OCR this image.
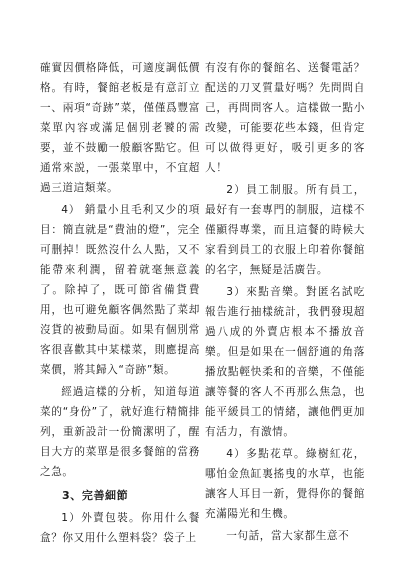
確實因價格降低，可適度調低價格。有時，餐館老板是有意訂立一、兩項“奇跡”菜，僅僅爲豐富菜單內容或滿足個別老饕的需要，並不鼓勵一般顧客點它。但通常來説，一張菜單中，不宜超過三道這類菜。

4） 銷量小且毛利又少的項目：簡直就是“費油的燈”，完全可删掉！既然沒什么人點，又不能帶來利潤，留着就毫無意義了。除掉了，既可節省備貨費用，也可避免顧客偶然點了菜却沒貨的被動局面。如果有個別常客很喜歡其中某樣菜，則應提高菜價，將其歸入“奇跡”類。

經過這樣的分析，知道每道菜的“身份”了，就好進行精簡排列，重新設計一份簡潔明了，醒目大方的菜單是很多餐館的當務之急。

3、完善細節

1）外賣包裝。你用什么餐盒？你又用什么塑料袋？袋子上

有沒有你的餐館名、送餐電話？配送的刀叉質量好嗎？先問問自己，再問問客人。這樣做一點小改變，可能要花些本錢，但肯定可以做得更好，吸引更多的客人！

2）員工制服。所有員工，最好有一套專門的制服，這樣不僅顯得專業，而且這餐的時候大家看到員工的衣服上印着你餐館的名字，無疑是活廣告。

3）來點音樂。對匿名試吃報告進行抽樣統計，我們發現超過八成的外賣店根本不播放音樂。但是如果在一個舒適的角落播放點輕快柔和的音樂，不僅能讓等餐的客人不再那么焦急，也能平緩員工的情緒，讓他們更加有活力，有激情。

4）多點花草。綠樹紅花，哪怕金魚缸裏搖曳的水草，也能讓客人耳目一新，覺得你的餐館充滿陽光和生機。

一句話，當大家都生意不
